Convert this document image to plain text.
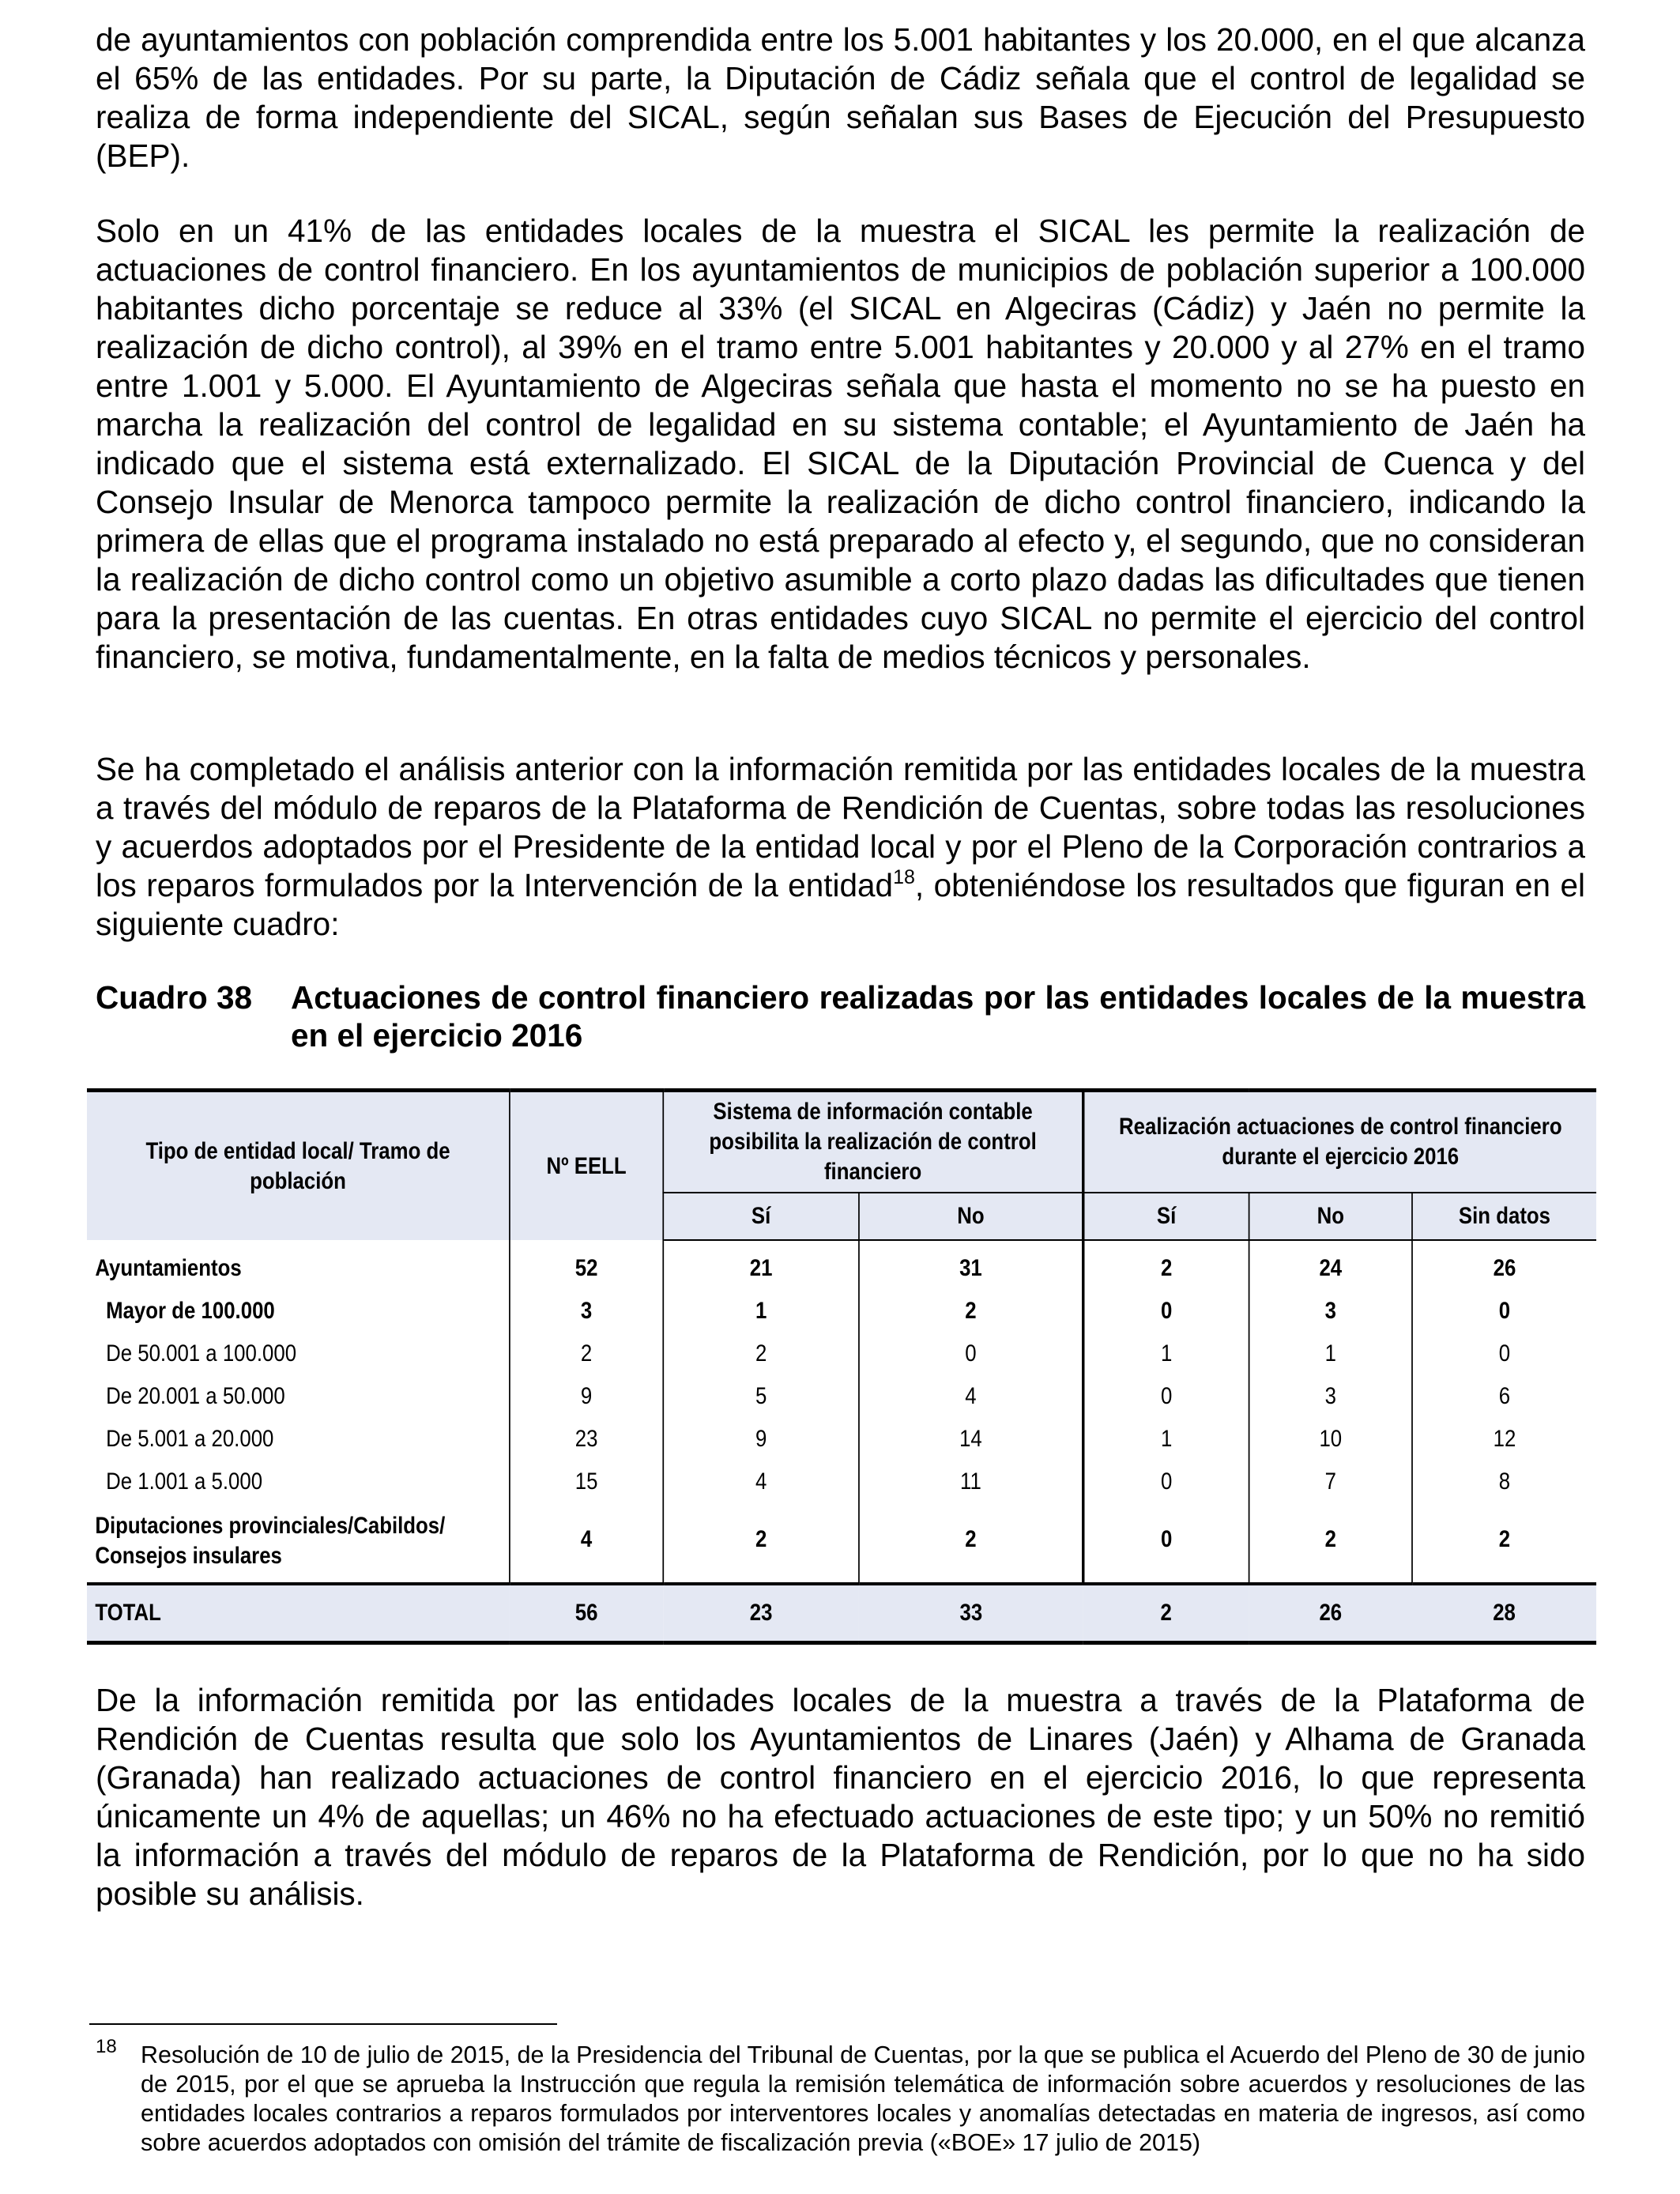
de ayuntamientos con población comprendida entre los 5.001 habitantes y los 20.000, en el que alcanza el 65% de las entidades. Por su parte, la Diputación de Cádiz señala que el control de legalidad se realiza de forma independiente del SICAL, según señalan sus Bases de Ejecución del Presupuesto (BEP).

Solo en un 41% de las entidades locales de la muestra el SICAL les permite la realización de actuaciones de control financiero. En los ayuntamientos de municipios de población superior a 100.000 habitantes dicho porcentaje se reduce al 33% (el SICAL en Algeciras (Cádiz) y Jaén no permite la realización de dicho control), al 39% en el tramo entre 5.001 habitantes y 20.000 y al 27% en el tramo entre 1.001 y 5.000. El Ayuntamiento de Algeciras señala que hasta el momento no se ha puesto en marcha la realización del control de legalidad en su sistema contable; el Ayuntamiento de Jaén ha indicado que el sistema está externalizado. El SICAL de la Diputación Provincial de Cuenca y del Consejo Insular de Menorca tampoco permite la realización de dicho control financiero, indicando la primera de ellas que el programa instalado no está preparado al efecto y, el segundo, que no consideran la realización de dicho control como un objetivo asumible a corto plazo dadas las dificultades que tienen para la presentación de las cuentas. En otras entidades cuyo SICAL no permite el ejercicio del control financiero, se motiva, fundamentalmente, en la falta de medios técnicos y personales.

Se ha completado el análisis anterior con la información remitida por las entidades locales de la muestra a través del módulo de reparos de la Plataforma de Rendición de Cuentas, sobre todas las resoluciones y acuerdos adoptados por el Presidente de la entidad local y por el Pleno de la Corporación contrarios a los reparos formulados por la Intervención de la entidad$^{18}$, obteniéndose los resultados que figuran en el siguiente cuadro:

Cuadro 38	Actuaciones de control financiero realizadas por las entidades locales de la muestra en el ejercicio 2016
Tipo de entidad local/ Tramo de población	Nº EELL	Sistema de información contable posibilita la realización de control financiero		Realización actuaciones de control financiero durante el ejercicio 2016		
		Sí	No	Sí	No	Sin datos
Ayuntamientos	52	21	31	2	24	26
Mayor de 100.000	3	1	2	0	3	0
De 50.001 a 100.000	2	2	0	1	1	0
De 20.001 a 50.000	9	5	4	0	3	6
De 5.001 a 20.000	23	9	14	1	10	12
De 1.001 a 5.000	15	4	11	0	7	8
Diputaciones provinciales/Cabildos/
Consejos insulares	4	2	2	0	2	2
TOTAL	56	23	33	2	26	28

De la información remitida por las entidades locales de la muestra a través de la Plataforma de Rendición de Cuentas resulta que solo los Ayuntamientos de Linares (Jaén) y Alhama de Granada (Granada) han realizado actuaciones de control financiero en el ejercicio 2016, lo que representa únicamente un 4% de aquellas; un 46% no ha efectuado actuaciones de este tipo; y un 50% no remitió la información a través del módulo de reparos de la Plataforma de Rendición, por lo que no ha sido posible su análisis.

18 Resolución de 10 de julio de 2015, de la Presidencia del Tribunal de Cuentas, por la que se publica el Acuerdo del Pleno de 30 de junio de 2015, por el que se aprueba la Instrucción que regula la remisión telemática de información sobre acuerdos y resoluciones de las entidades locales contrarios a reparos formulados por interventores locales y anomalías detectadas en materia de ingresos, así como sobre acuerdos adoptados con omisión del trámite de fiscalización previa («BOE» 17 julio de 2015)
